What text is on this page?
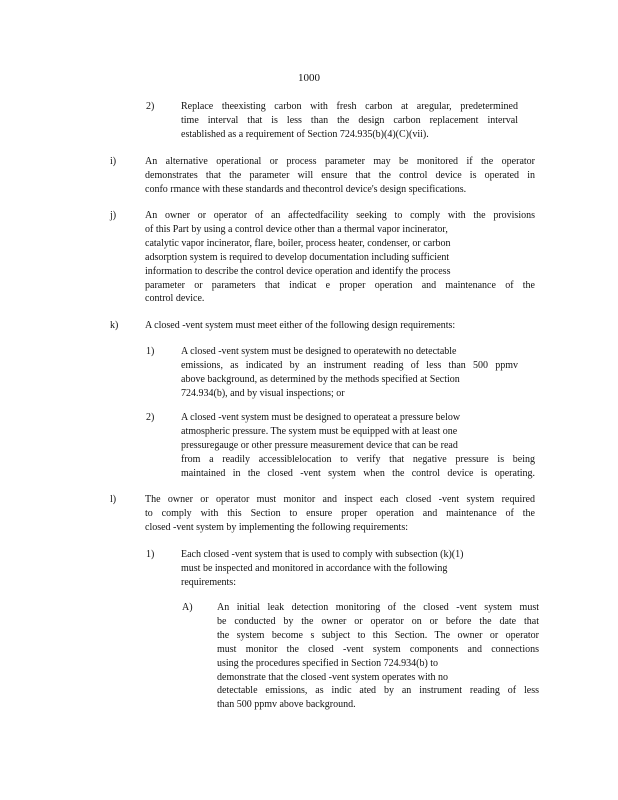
1000
2)	Replace theexisting carbon with fresh carbon at aregular, predetermined
time interval that is less than the design carbon replacement interval
established as a requirement of Section 724.935(b)(4)(C)(vii).
i)	An alternative operational or process parameter may be monitored if the operator
demonstrates that the parameter will ensure that the control device is operated in
confo rmance with these standards and thecontrol device's design specifications.
j)	An owner or operator of an affectedfacility seeking to comply with the provisions
of this Part by using a control device other than a thermal vapor incinerator,
catalytic vapor incinerator, flare, boiler, process heater, condenser, or carbon
adsorption system is required to develop documentation including sufficient
information to describe the control device operation and identify the process
parameter or parameters that indicat e proper operation and maintenance of the
control device.
k)	A closed -vent system must meet either of the following design requirements:
1)	A closed -vent system must be designed to operatewith no detectable
emissions, as indicated by an instrument reading of less than 500 ppmv
above background, as determined by the methods specified at Section
724.934(b), and by visual inspections; or
2)	A closed -vent system must be designed to operateat a pressure below
atmospheric pressure. The system must be equipped with at least one
pressuregauge or other pressure measurement device that can be read
from a readily accessiblelocation to verify that negative pressure is being
maintained in the closed -vent system when the control device is operating.
l)	The owner or operator must monitor and inspect each closed -vent system required
to comply with this Section to ensure proper operation and maintenance of the
closed -vent system by implementing the following requirements:
1)	Each closed -vent system that is used to comply with subsection (k)(1)
must be inspected and monitored in accordance with the following
requirements:
A) An initial leak detection monitoring of the closed -vent system must
be conducted by the owner or operator on or before the date that
the system become s subject to this Section. The owner or operator
must monitor the closed -vent system components and connections
using the procedures specified in Section 724.934(b) to
demonstrate that the closed -vent system operates with no
detectable emissions, as indic ated by an instrument reading of less
than 500 ppmv above background.
